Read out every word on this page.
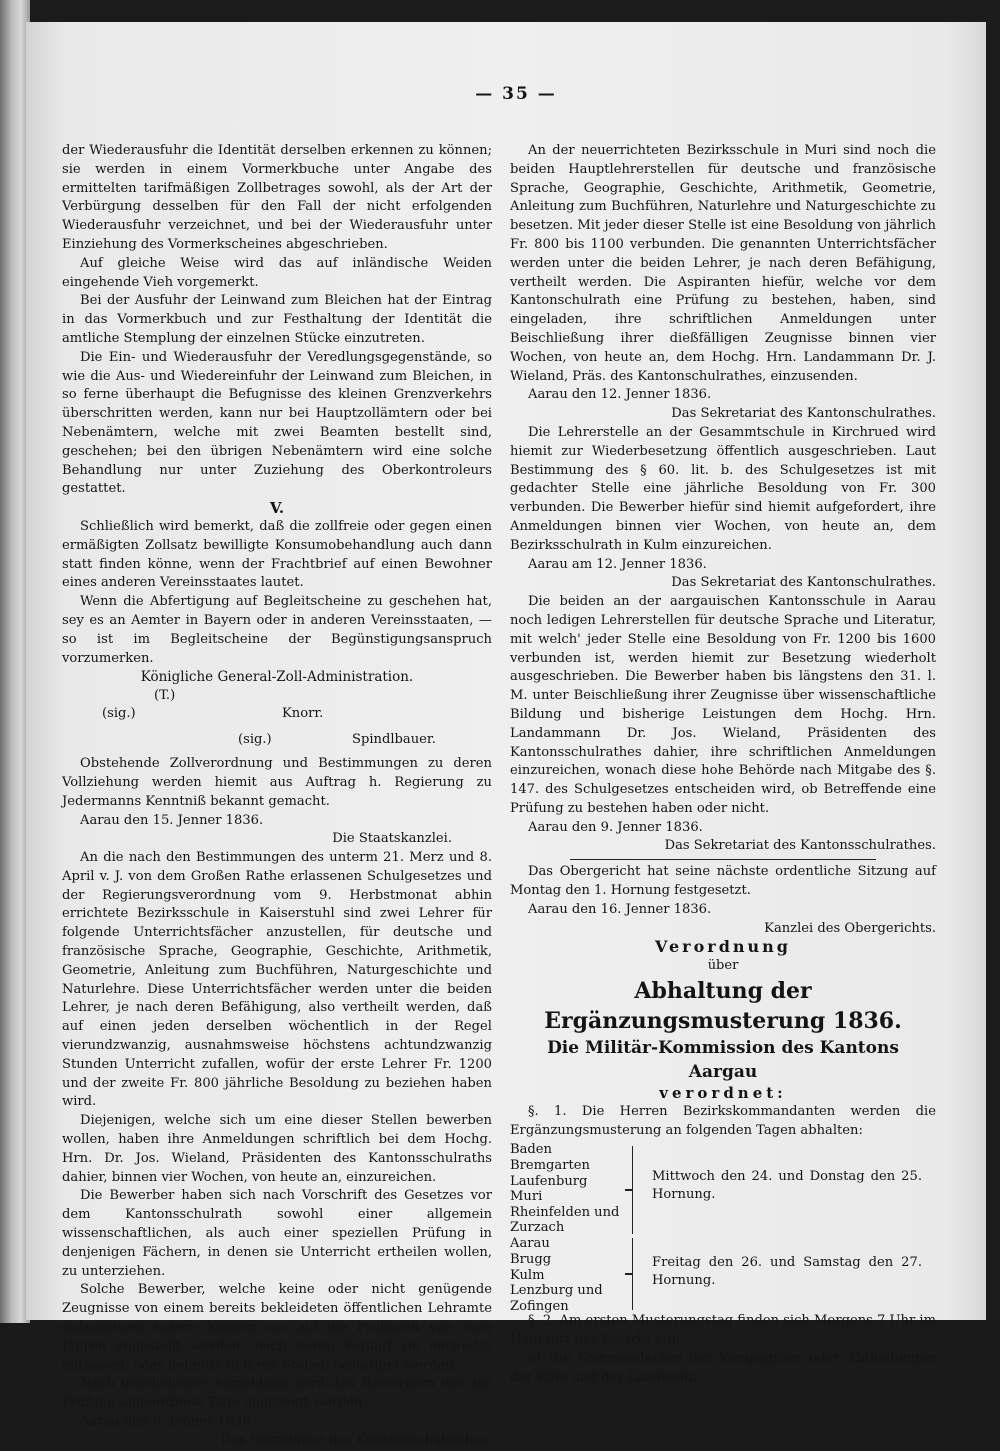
— 35 —

der Wiederausfuhr die Identität derselben erkennen zu können; sie werden in einem Vormerkbuche unter Angabe des ermittelten tarifmäßigen Zollbetrages sowohl, als der Art der Verbürgung desselben für den Fall der nicht erfolgenden Wiederausfuhr verzeichnet, und bei der Wiederausfuhr unter Einziehung des Vormerkscheines abgeschrieben.

Auf gleiche Weise wird das auf inländische Weiden eingehende Vieh vorgemerkt.

Bei der Ausfuhr der Leinwand zum Bleichen hat der Eintrag in das Vormerkbuch und zur Festhaltung der Identität die amtliche Stemplung der einzelnen Stücke einzutreten.

Die Ein- und Wiederausfuhr der Veredlungsgegenstände, so wie die Aus- und Wiedereinfuhr der Leinwand zum Bleichen, in so ferne überhaupt die Befugnisse des kleinen Grenzverkehrs überschritten werden, kann nur bei Hauptzollämtern oder bei Nebenämtern, welche mit zwei Beamten bestellt sind, geschehen; bei den übrigen Nebenämtern wird eine solche Behandlung nur unter Zuziehung des Oberkontroleurs gestattet.

V.

Schließlich wird bemerkt, daß die zollfreie oder gegen einen ermäßigten Zollsatz bewilligte Konsumobehandlung auch dann statt finden könne, wenn der Frachtbrief auf einen Bewohner eines anderen Vereinsstaates lautet.

Wenn die Abfertigung auf Begleitscheine zu geschehen hat, sey es an Aemter in Bayern oder in anderen Vereinsstaaten, — so ist im Begleitscheine der Begünstigungsanspruch vorzumerken.

Königliche General-Zoll-Administration.

(T.)
(sig.)	Knorr.
(sig.)	Spindlbauer.

Obstehende Zollverordnung und Bestimmungen zu deren Vollziehung werden hiemit aus Auftrag h. Regierung zu Jedermanns Kenntniß bekannt gemacht.

Aarau den 15. Jenner 1836.

Die Staatskanzlei.

An die nach den Bestimmungen des unterm 21. Merz und 8. April v. J. von dem Großen Rathe erlassenen Schulgesetzes und der Regierungsverordnung vom 9. Herbstmonat abhin errichtete Bezirksschule in Kaiserstuhl sind zwei Lehrer für folgende Unterrichtsfächer anzustellen, für deutsche und französische Sprache, Geographie, Geschichte, Arithmetik, Geometrie, Anleitung zum Buchführen, Naturgeschichte und Naturlehre. Diese Unterrichtsfächer werden unter die beiden Lehrer, je nach deren Befähigung, also vertheilt werden, daß auf einen jeden derselben wöchentlich in der Regel vierundzwanzig, ausnahmsweise höchstens achtundzwanzig Stunden Unterricht zufallen, wofür der erste Lehrer Fr. 1200 und der zweite Fr. 800 jährliche Besoldung zu beziehen haben wird.

Diejenigen, welche sich um eine dieser Stellen bewerben wollen, haben ihre Anmeldungen schriftlich bei dem Hochg. Hrn. Dr. Jos. Wieland, Präsidenten des Kantonsschulraths dahier, binnen vier Wochen, von heute an, einzureichen.

Die Bewerber haben sich nach Vorschrift des Gesetzes vor dem Kantonsschulrath sowohl einer allgemein wissenschaftlichen, als auch einer speziellen Prüfung in denjenigen Fächern, in denen sie Unterricht ertheilen wollen, zu unterziehen.

Solche Bewerber, welche keine oder nicht genügende Zeugnisse von einem bereits bekleideten öffentlichen Lehramte aufzuweisen haben, können nur auf die Probezeit von zwei Jahren angestellt werden, nach deren Verlauf sie entweder entlassen, oder definitiv in ihren Stellen bestätiget werden.

Nach geschehener Anmeldung wird den Bewerbern der zur Prüfung angeordnete Tage angezeigt werden.

Aarau den 9. Jenner 1836.

Das Sekretariat des Kantonsschulrathes.

An der neuerrichteten Bezirksschule in Muri sind noch die beiden Hauptlehrerstellen für deutsche und französische Sprache, Geographie, Geschichte, Arithmetik, Geometrie, Anleitung zum Buchführen, Naturlehre und Naturgeschichte zu besetzen. Mit jeder dieser Stelle ist eine Besoldung von jährlich Fr. 800 bis 1100 verbunden. Die genannten Unterrichtsfächer werden unter die beiden Lehrer, je nach deren Befähigung, vertheilt werden. Die Aspiranten hiefür, welche vor dem Kantonschulrath eine Prüfung zu bestehen, haben, sind eingeladen, ihre schriftlichen Anmeldungen unter Beischließung ihrer dießfälligen Zeugnisse binnen vier Wochen, von heute an, dem Hochg. Hrn. Landammann Dr. J. Wieland, Präs. des Kantonschulrathes, einzusenden.

Aarau den 12. Jenner 1836.

Das Sekretariat des Kantonschulrathes.

Die Lehrerstelle an der Gesammtschule in Kirchrued wird hiemit zur Wiederbesetzung öffentlich ausgeschrieben. Laut Bestimmung des § 60. lit. b. des Schulgesetzes ist mit gedachter Stelle eine jährliche Besoldung von Fr. 300 verbunden. Die Bewerber hiefür sind hiemit aufgefordert, ihre Anmeldungen binnen vier Wochen, von heute an, dem Bezirksschulrath in Kulm einzureichen.

Aarau am 12. Jenner 1836.

Das Sekretariat des Kantonschulrathes.

Die beiden an der aargauischen Kantonsschule in Aarau noch ledigen Lehrerstellen für deutsche Sprache und Literatur, mit welch' jeder Stelle eine Besoldung von Fr. 1200 bis 1600 verbunden ist, werden hiemit zur Besetzung wiederholt ausgeschrieben. Die Bewerber haben bis längstens den 31. l. M. unter Beischließung ihrer Zeugnisse über wissenschaftliche Bildung und bisherige Leistungen dem Hochg. Hrn. Landammann Dr. Jos. Wieland, Präsidenten des Kantonsschulrathes dahier, ihre schriftlichen Anmeldungen einzureichen, wonach diese hohe Behörde nach Mitgabe des §. 147. des Schulgesetzes entscheiden wird, ob Betreffende eine Prüfung zu bestehen haben oder nicht.

Aarau den 9. Jenner 1836.

Das Sekretariat des Kantonsschulrathes.

Das Obergericht hat seine nächste ordentliche Sitzung auf Montag den 1. Hornung festgesetzt.

Aarau den 16. Jenner 1836.

Kanzlei des Obergerichts.

Verordnung

über

Abhaltung der Ergänzungsmusterung 1836.

Die Militär-Kommission des Kantons Aargau

verordnet:

§. 1. Die Herren Bezirkskommandanten werden die Ergänzungsmusterung an folgenden Tagen abhalten:

Baden
Bremgarten
Laufenburg
Muri
Rheinfelden und
Zurzach
Mittwoch den 24. und Donstag den 25. Hornung.
Aarau
Brugg
Kulm
Lenzburg und
Zofingen
Freitag den 26. und Samstag den 27. Hornung.

§. 2. Am ersten Musterungstag finden sich Morgens 7 Uhr im Hauptort des Bezirks ein:

a) Die Kommandanten der Kompagnien oder Abtheilungen der Elite und der Landwehr.
